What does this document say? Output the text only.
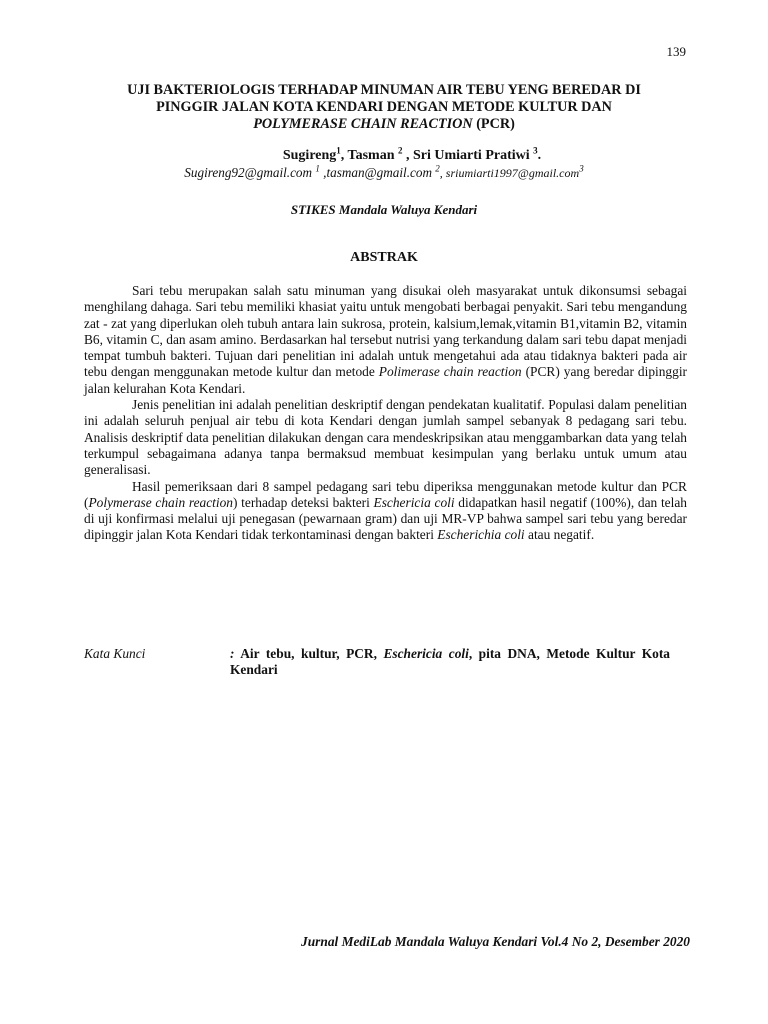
139
UJI BAKTERIOLOGIS TERHADAP MINUMAN AIR TEBU YENG BEREDAR DI
PINGGIR JALAN KOTA KENDARI DENGAN METODE KULTUR DAN
POLYMERASE CHAIN REACTION (PCR)
Sugireng$^1$, Tasman $^2$ , Sri Umiarti Pratiwi $^3$.
Sugireng92@gmail.com $^1$ ,tasman@gmail.com $^2$, sriumiarti1997@gmail.com$^3$
STIKES Mandala Waluya Kendari
ABSTRAK

Sari tebu merupakan salah satu minuman yang disukai oleh masyarakat untuk dikonsumsi sebagai menghilang dahaga. Sari tebu memiliki khasiat yaitu untuk mengobati berbagai penyakit. Sari tebu mengandung zat - zat yang diperlukan oleh tubuh antara lain sukrosa, protein, kalsium,lemak,vitamin B1,vitamin B2, vitamin B6, vitamin C, dan asam amino. Berdasarkan hal tersebut nutrisi yang terkandung dalam sari tebu dapat menjadi tempat tumbuh bakteri. Tujuan dari penelitian ini adalah untuk mengetahui ada atau tidaknya bakteri pada air tebu dengan menggunakan metode kultur dan metode Polimerase chain reaction (PCR) yang beredar dipinggir jalan kelurahan Kota Kendari.

Jenis penelitian ini adalah penelitian deskriptif dengan pendekatan kualitatif. Populasi dalam penelitian ini adalah seluruh penjual air tebu di kota Kendari dengan jumlah sampel sebanyak 8 pedagang sari tebu. Analisis deskriptif data penelitian dilakukan dengan cara mendeskripsikan atau menggambarkan data yang telah terkumpul sebagaimana adanya tanpa bermaksud membuat kesimpulan yang berlaku untuk umum atau generalisasi.

Hasil pemeriksaan dari 8 sampel pedagang sari tebu diperiksa menggunakan metode kultur dan PCR (Polymerase chain reaction) terhadap deteksi bakteri Eschericia coli didapatkan hasil negatif (100%), dan telah di uji konfirmasi melalui uji penegasan (pewarnaan gram) dan uji MR-VP bahwa sampel sari tebu yang beredar dipinggir jalan Kota Kendari tidak terkontaminasi dengan bakteri Escherichia coli atau negatif.

Kata Kunci	: Air tebu, kultur, PCR, Eschericia coli, pita DNA, Metode Kultur Kota Kendari
Jurnal MediLab Mandala Waluya Kendari Vol.4 No 2, Desember 2020
